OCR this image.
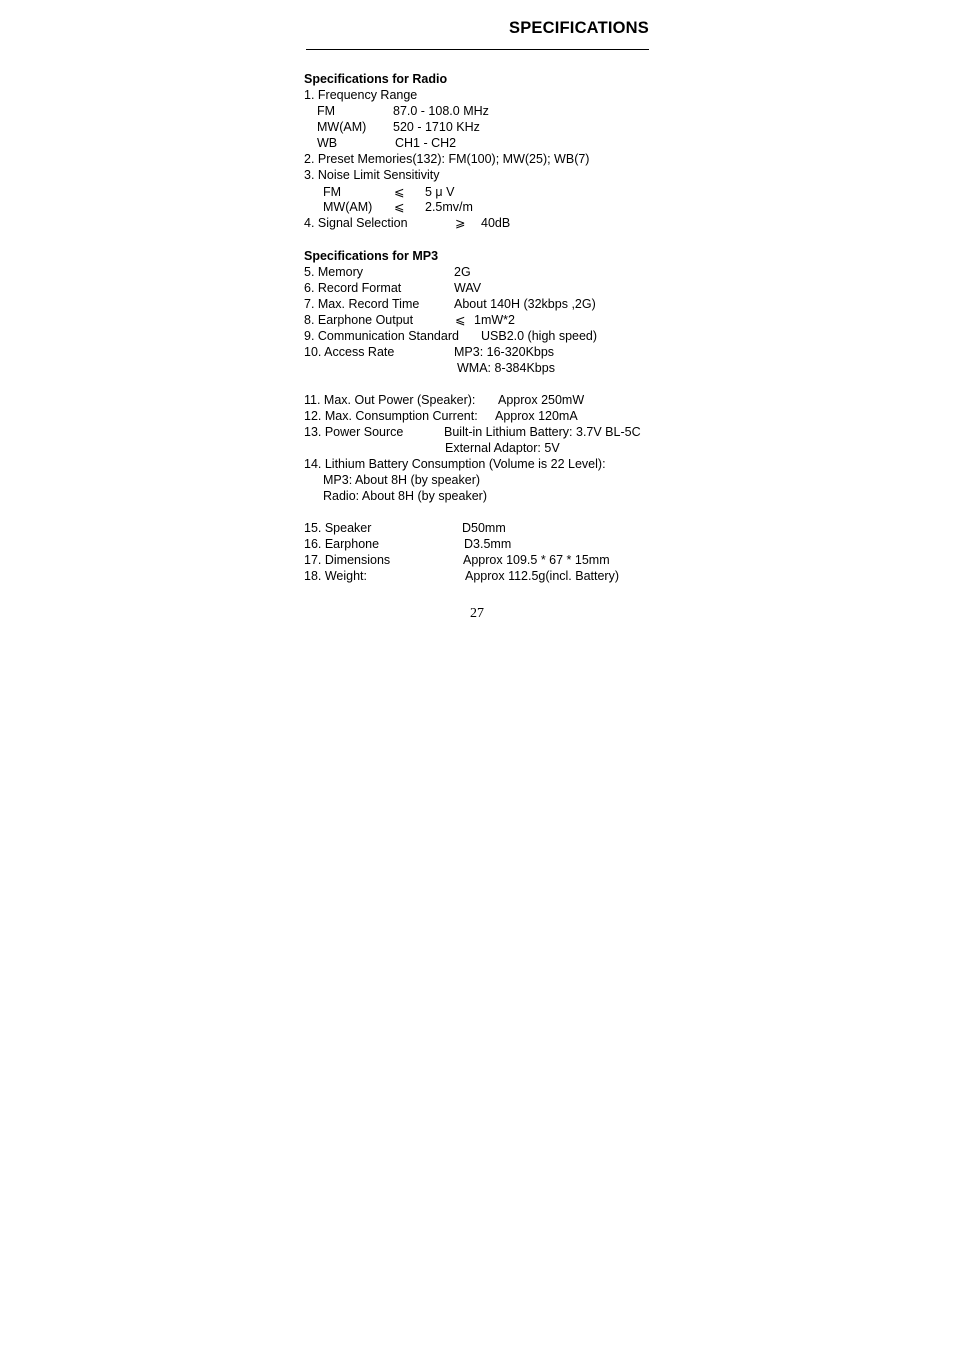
SPECIFICATIONS
Specifications for Radio
1. Frequency Range
FM	87.0 - 108.0 MHz
MW(AM) 520 - 1710 KHz
WB	CH1 - CH2
2. Preset Memories(132): FM(100); MW(25); WB(7)
3. Noise Limit Sensitivity
FM	⩽ 5 μ V
MW(AM) ⩽ 2.5mv/m
4. Signal Selection	⩾ 40dB
Specifications for MP3
5. Memory	2G
6. Record Format	WAV
7. Max. Record Time	About 140H (32kbps ,2G)
8. Earphone Output	⩽ 1mW*2
9. Communication Standard USB2.0 (high speed)
10. Access Rate	MP3: 16-320Kbps
WMA: 8-384Kbps
11. Max. Out Power (Speaker): Approx 250mW
12. Max. Consumption Current: Approx 120mA
13. Power Source	Built-in Lithium Battery: 3.7V BL-5C
External Adaptor: 5V
14. Lithium Battery Consumption (Volume is 22 Level):
MP3: About 8H (by speaker)
Radio: About 8H (by speaker)
15. Speaker	D50mm
16. Earphone	D3.5mm
17. Dimensions	Approx 109.5 * 67 * 15mm
18. Weight:	Approx 112.5g(incl. Battery)
27
